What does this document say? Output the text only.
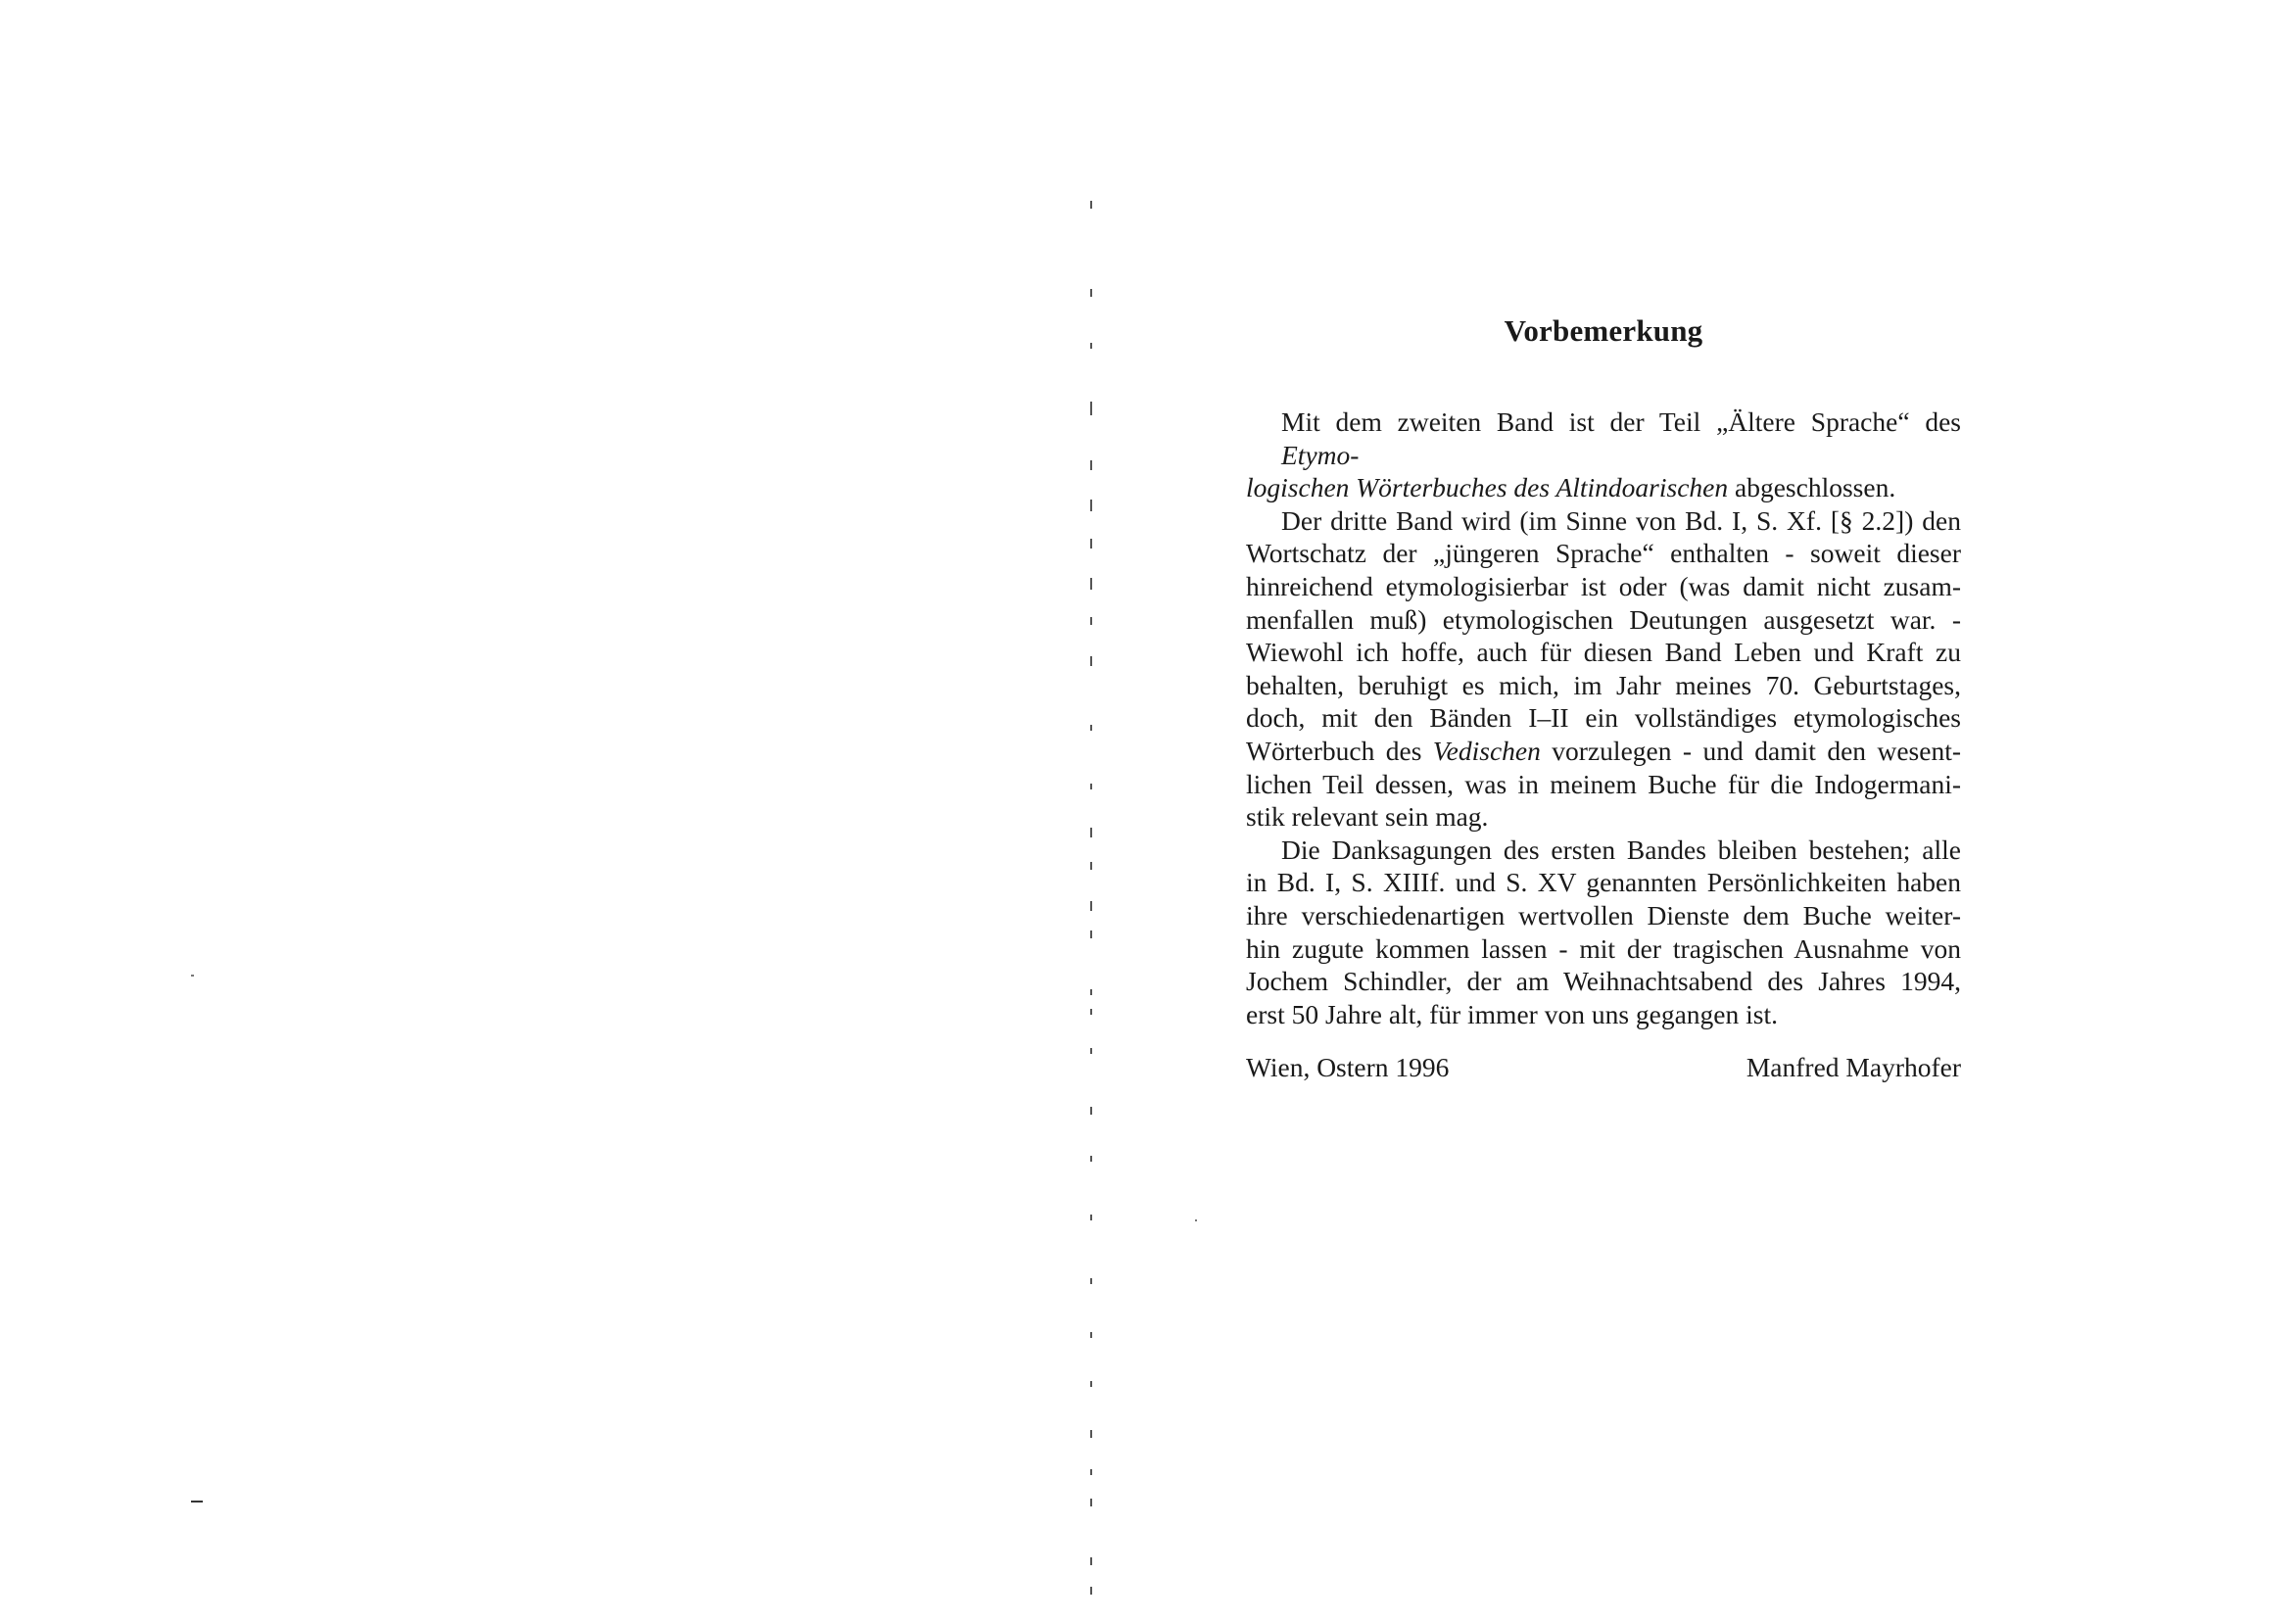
Vorbemerkung

Mit dem zweiten Band ist der Teil „Ältere Sprache“ des Etymo-
logischen Wörterbuches des Altindoarischen abgeschlossen.

Der dritte Band wird (im Sinne von Bd. I, S. Xf. [§ 2.2]) den
Wortschatz der „jüngeren Sprache“ enthalten - soweit dieser
hinreichend etymologisierbar ist oder (was damit nicht zusam-
menfallen muß) etymologischen Deutungen ausgesetzt war. -
Wiewohl ich hoffe, auch für diesen Band Leben und Kraft zu
behalten, beruhigt es mich, im Jahr meines 70. Geburtstages,
doch, mit den Bänden I–II ein vollständiges etymologisches
Wörterbuch des Vedischen vorzulegen - und damit den wesent-
lichen Teil dessen, was in meinem Buche für die Indogermani-
stik relevant sein mag.

Die Danksagungen des ersten Bandes bleiben bestehen; alle
in Bd. I, S. XIIIf. und S. XV genannten Persönlichkeiten haben
ihre verschiedenartigen wertvollen Dienste dem Buche weiter-
hin zugute kommen lassen - mit der tragischen Ausnahme von
Jochem Schindler, der am Weihnachtsabend des Jahres 1994,
erst 50 Jahre alt, für immer von uns gegangen ist.

Wien, Ostern 1996	Manfred Mayrhofer
